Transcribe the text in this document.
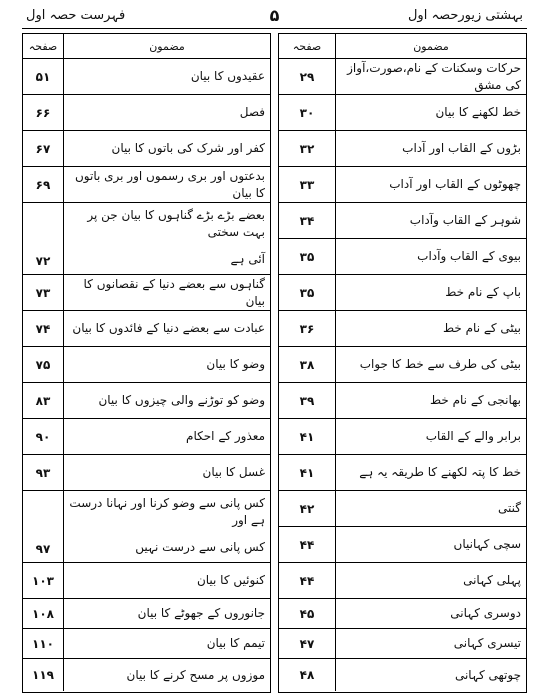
بہشتی زیورحصہ اول
۵
فہرست حصہ اول
مضمون
صفحہ
حرکات وسکنات کے نام،صورت،آواز کی مشق
۲۹
خط لکھنے کا بیان
۳۰
بڑوں کے القاب اور آداب
۳۲
چھوٹوں کے القاب اور آداب
۳۳
شوہر کے القاب وآداب
۳۴
بیوی کے القاب وآداب
۳۵
باپ کے نام خط
۳۵
بیٹی کے نام خط
۳۶
بیٹی کی طرف سے خط کا جواب
۳۸
بھانجی کے نام خط
۳۹
برابر والے کے القاب
۴۱
خط کا پتہ لکھنے کا طریقہ یہ ہے
۴۱
گنتی
۴۲
سچی کہانیاں
۴۴
پہلی کہانی
۴۴
دوسری کہانی
۴۵
تیسری کہانی
۴۷
چوتھی کہانی
۴۸
مضمون
صفحہ
عقیدوں کا بیان
۵۱
فصل
۶۶
کفر اور شرک کی باتوں کا بیان
۶۷
بدعتوں اور بری رسموں اور بری باتوں کا بیان
۶۹
بعضے بڑے بڑے گناہوں کا بیان جن پر بہت سختی
آئی ہے
۷۲
گناہوں سے بعضے دنیا کے نقصانوں کا بیان
۷۳
عبادت سے بعضے دنیا کے فائدوں کا بیان
۷۴
وضو کا بیان
۷۵
وضو کو توڑنے والی چیزوں کا بیان
۸۳
معذور کے احکام
۹۰
غسل کا بیان
۹۳
کس پانی سے وضو کرنا اور نہانا درست ہے اور
کس پانی سے درست نہیں
۹۷
کنوئیں کا بیان
۱۰۳
جانوروں کے جھوٹے کا بیان
۱۰۸
تیمم کا بیان
۱۱۰
موزوں پر مسح کرنے کا بیان
۱۱۹
